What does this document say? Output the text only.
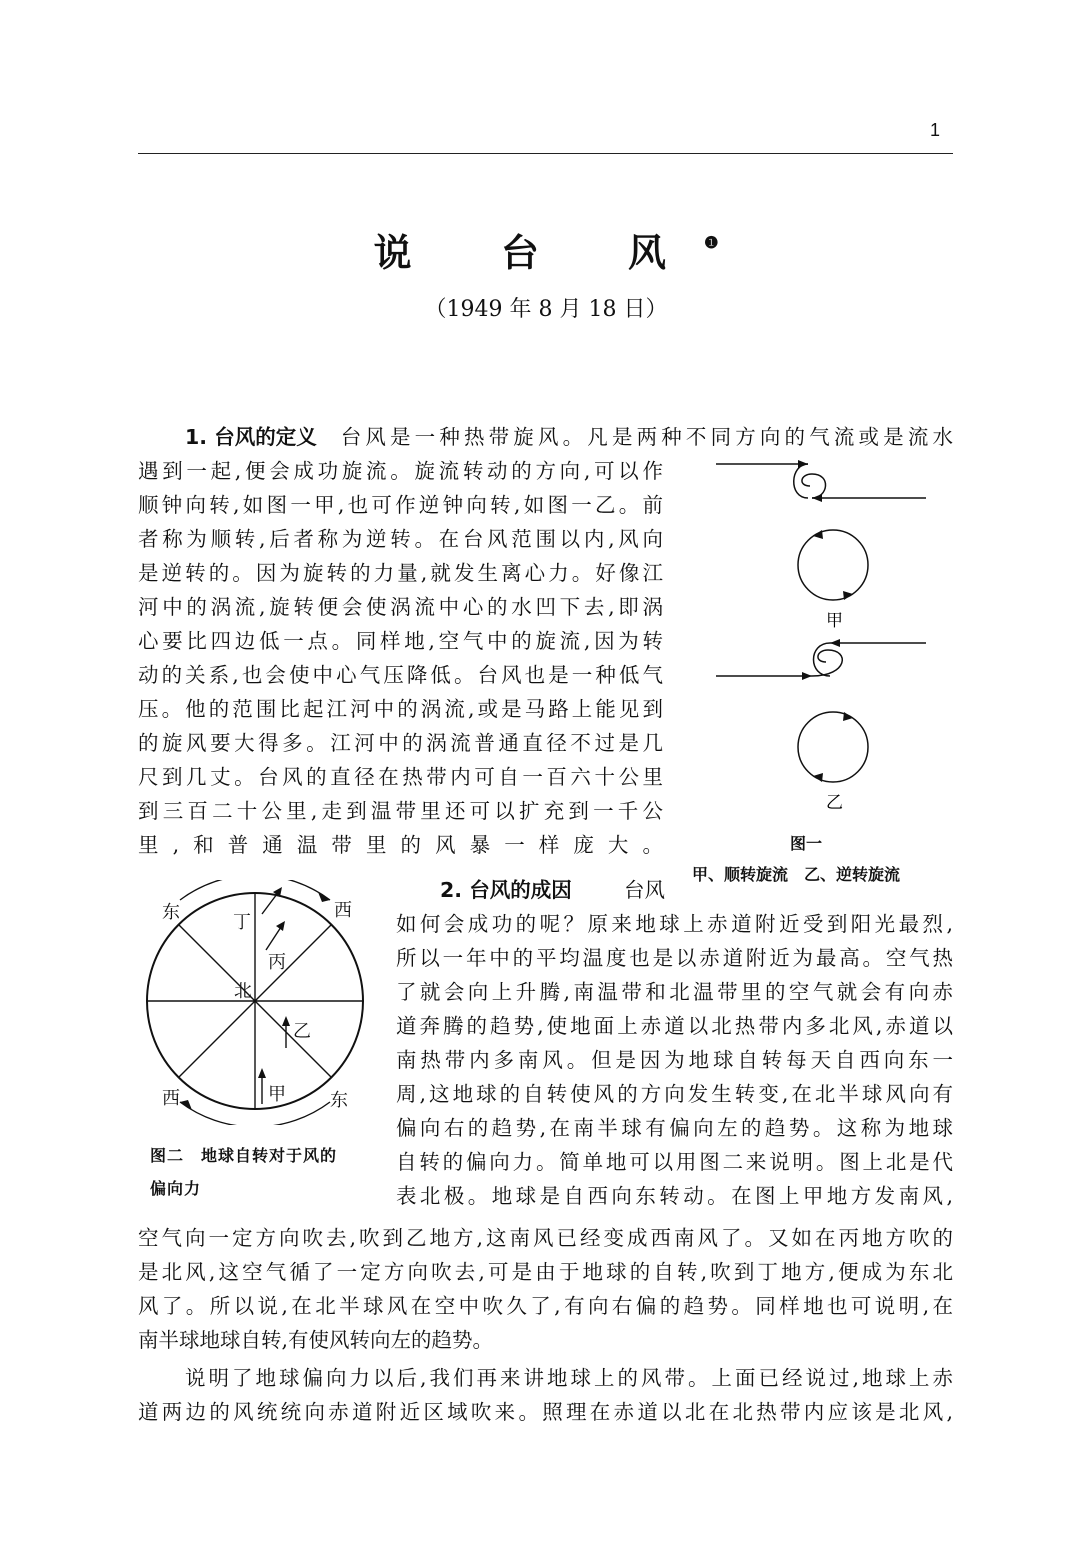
1
说 台 风$^❶$
（1949 年 8 月 18 日）
1. 台风的定义 台风是一种热带旋风。凡是两种不同方向的气流或是流水
遇到一起,便会成功旋流。旋流转动的方向,可以作
顺钟向转,如图一甲,也可作逆钟向转,如图一乙。前
者称为顺转,后者称为逆转。在台风范围以内,风向
是逆转的。因为旋转的力量,就发生离心力。好像江
河中的涡流,旋转便会使涡流中心的水凹下去,即涡
心要比四边低一点。同样地,空气中的旋流,因为转
动的关系,也会使中心气压降低。台风也是一种低气
压。他的范围比起江河中的涡流,或是马路上能见到
的旋风要大得多。江河中的涡流普通直径不过是几
尺到几丈。台风的直径在热带内可自一百六十公里
到三百二十公里,走到温带里还可以扩充到一千公
里,和普通温带里的风暴一样庞大。
甲
乙
图一
甲、顺转旋流　乙、逆转旋流
2. 台风的成因	台风
如何会成功的呢？原来地球上赤道附近受到阳光最烈,
所以一年中的平均温度也是以赤道附近为最高。空气热
了就会向上升腾,南温带和北温带里的空气就会有向赤
道奔腾的趋势,使地面上赤道以北热带内多北风,赤道以
南热带内多南风。但是因为地球自转每天自西向东一
周,这地球的自转使风的方向发生转变,在北半球风向有
偏向右的趋势,在南半球有偏向左的趋势。这称为地球
自转的偏向力。简单地可以用图二来说明。图上北是代
表北极。地球是自西向东转动。在图上甲地方发南风,
空气向一定方向吹去,吹到乙地方,这南风已经变成西南风了。又如在丙地方吹的
是北风,这空气循了一定方向吹去,可是由于地球的自转,吹到丁地方,便成为东北
风了。所以说,在北半球风在空中吹久了,有向右偏的趋势。同样地也可说明,在
南半球地球自转,有使风转向左的趋势。
说明了地球偏向力以后,我们再来讲地球上的风带。上面已经说过,地球上赤
道两边的风统统向赤道附近区域吹来。照理在赤道以北在北热带内应该是北风,
东	西
丁
丙
北
乙
甲
西	东
图二　地球自转对于风的
偏向力
